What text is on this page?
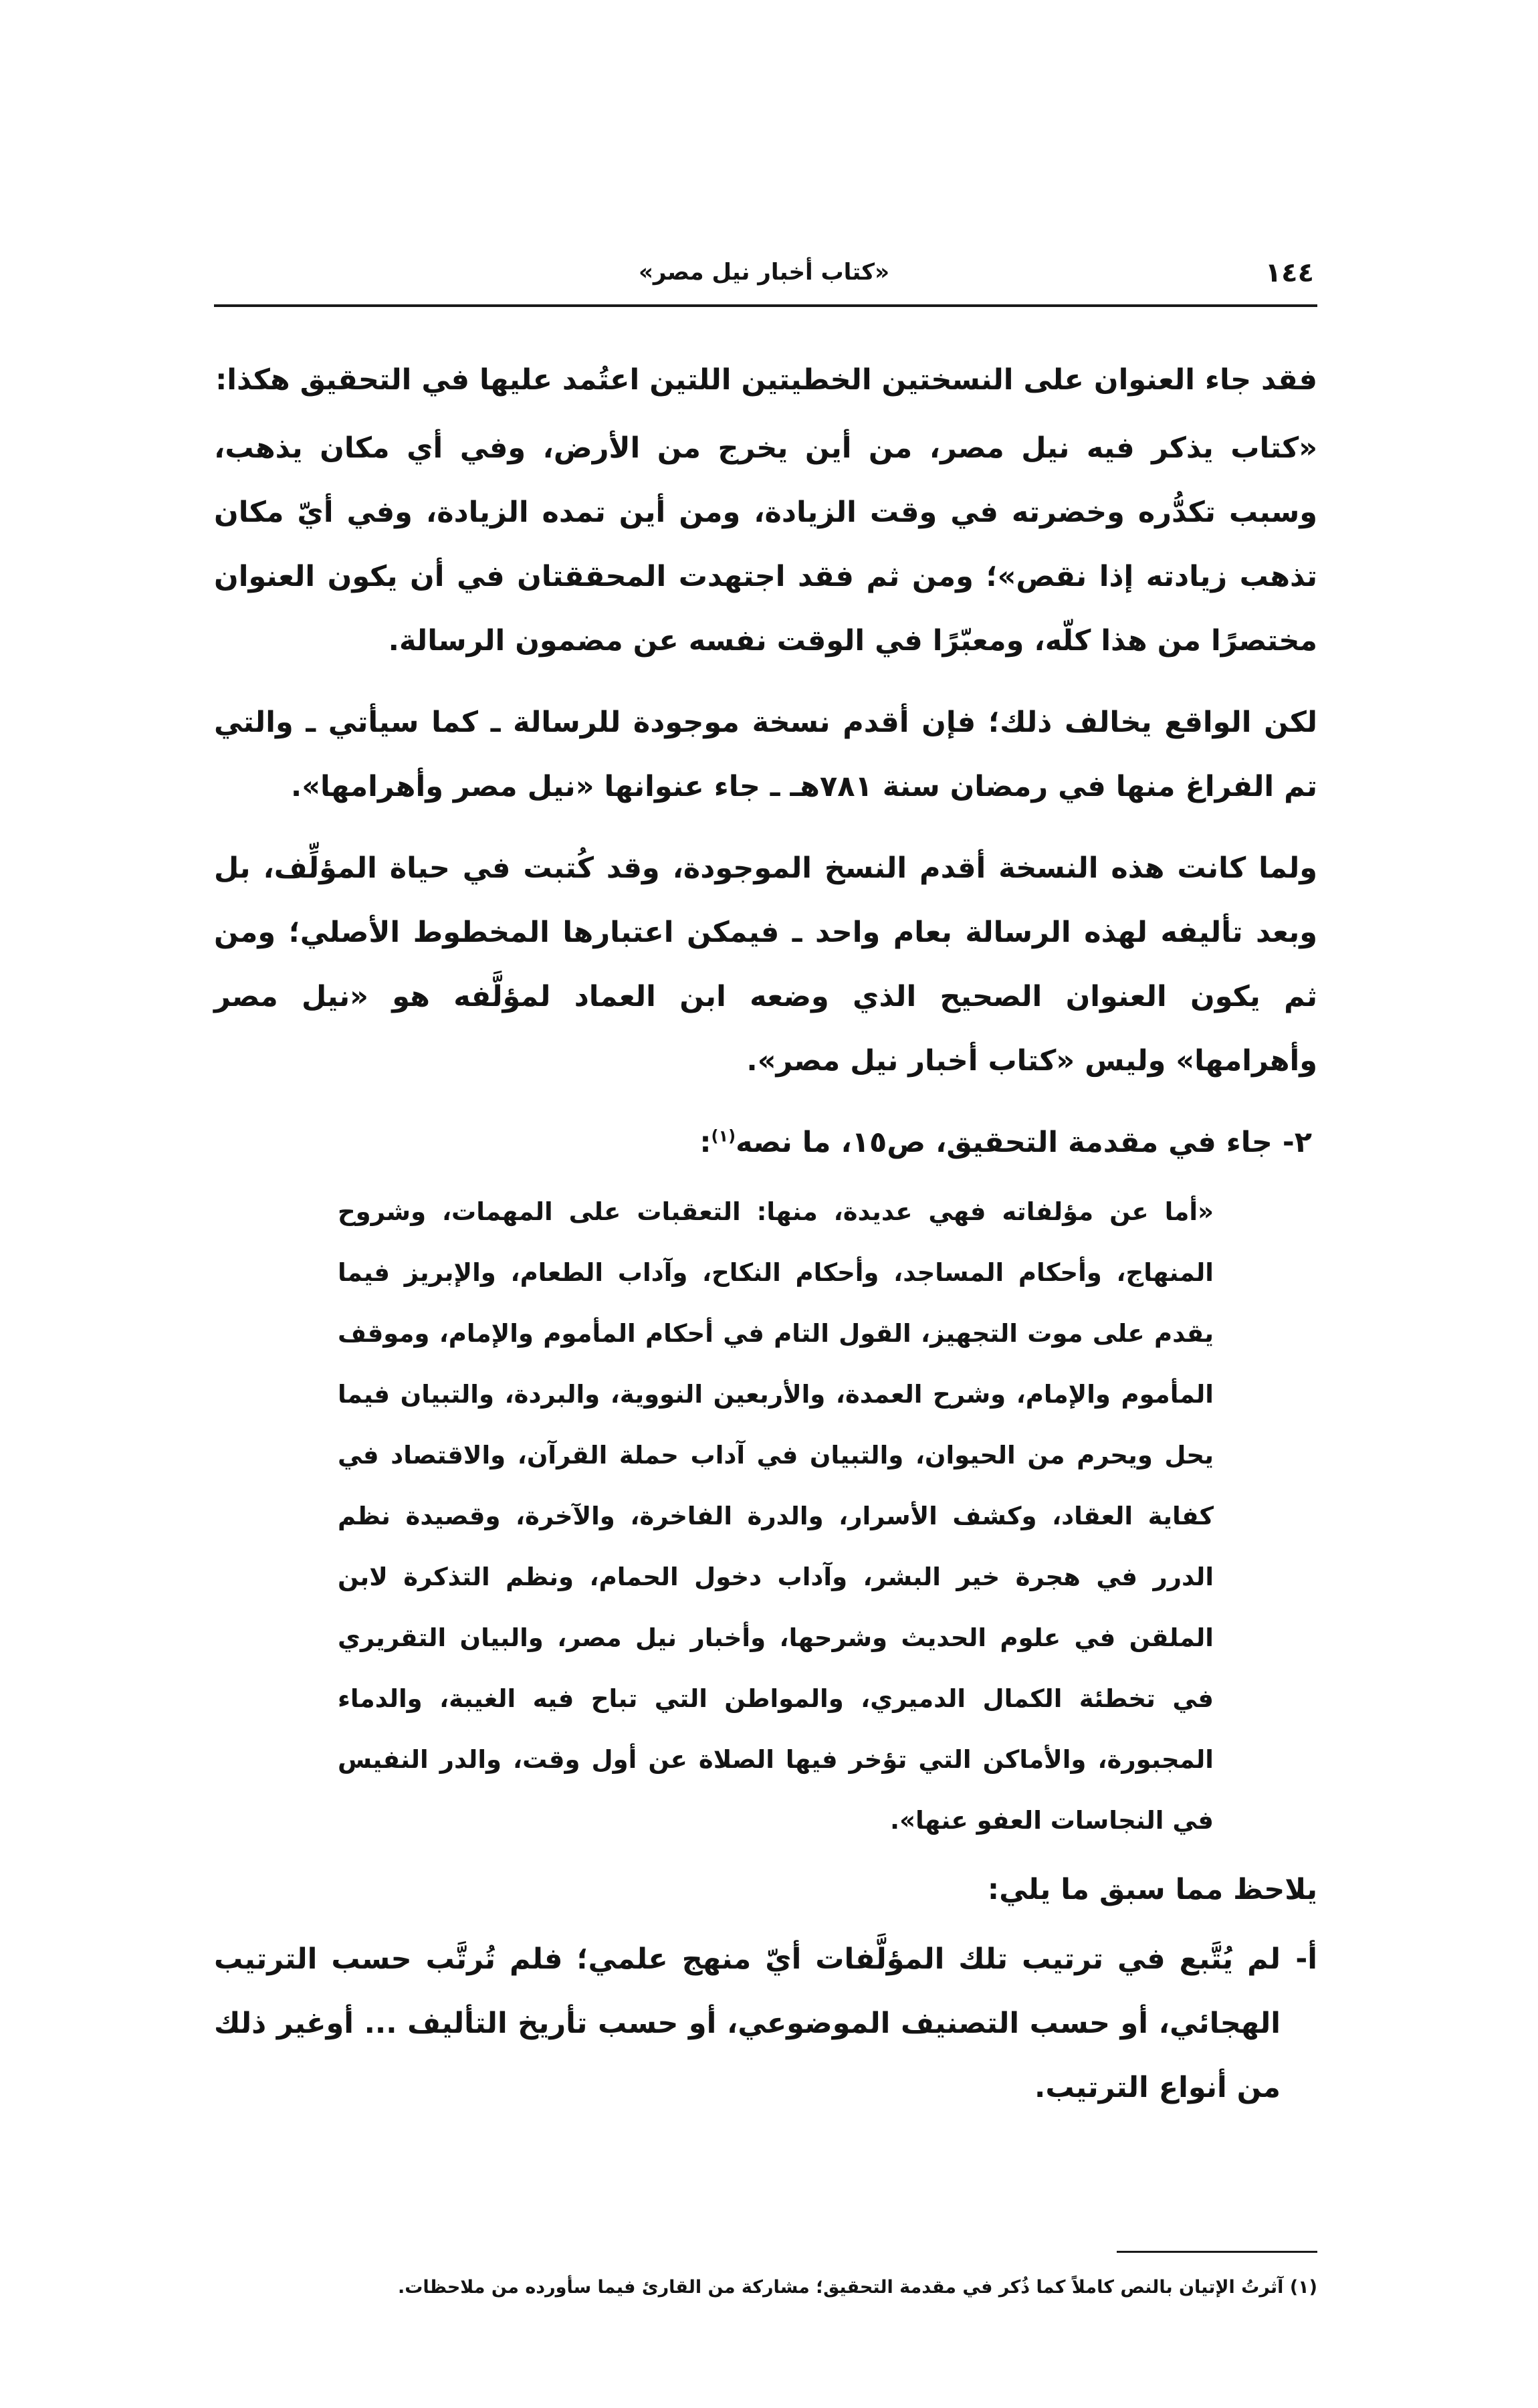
١٤٤
«كتاب أخبار نيل مصر»

فقد جاء العنوان على النسختين الخطيتين اللتين اعتُمد عليها في التحقيق هكذا:

«كتاب يذكر فيه نيل مصر، من أين يخرج من الأرض، وفي أي مكان يذهب، وسبب تكدُّره وخضرته في وقت الزيادة، ومن أين تمده الزيادة، وفي أيّ مكان تذهب زيادته إذا نقص»؛ ومن ثم فقد اجتهدت المحققتان في أن يكون العنوان مختصرًا من هذا كلّه، ومعبّرًا في الوقت نفسه عن مضمون الرسالة.

لكن الواقع يخالف ذلك؛ فإن أقدم نسخة موجودة للرسالة ـ كما سيأتي ـ والتي تم الفراغ منها في رمضان سنة ٧٨١هـ ـ جاء عنوانها «نيل مصر وأهرامها».

ولما كانت هذه النسخة أقدم النسخ الموجودة، وقد كُتبت في حياة المؤلِّف، بل وبعد تأليفه لهذه الرسالة بعام واحد ـ فيمكن اعتبارها المخطوط الأصلي؛ ومن ثم يكون العنوان الصحيح الذي وضعه ابن العماد لمؤلَّفه هو «نيل مصر وأهرامها» وليس «كتاب أخبار نيل مصر».

٢- جاء في مقدمة التحقيق، ص١٥، ما نصه$^{(١)}$:

«أما عن مؤلفاته فهي عديدة، منها: التعقبات على المهمات، وشروح المنهاج، وأحكام المساجد، وأحكام النكاح، وآداب الطعام، والإبريز فيما يقدم على موت التجهيز، القول التام في أحكام المأموم والإمام، وموقف المأموم والإمام، وشرح العمدة، والأربعين النووية، والبردة، والتبيان فيما يحل ويحرم من الحيوان، والتبيان في آداب حملة القرآن، والاقتصاد في كفاية العقاد، وكشف الأسرار، والدرة الفاخرة، والآخرة، وقصيدة نظم الدرر في هجرة خير البشر، وآداب دخول الحمام، ونظم التذكرة لابن الملقن في علوم الحديث وشرحها، وأخبار نيل مصر، والبيان التقريري في تخطئة الكمال الدميري، والمواطن التي تباح فيه الغيبة، والدماء المجبورة، والأماكن التي تؤخر فيها الصلاة عن أول وقت، والدر النفيس في النجاسات العفو عنها».

يلاحظ مما سبق ما يلي:

أ-
لم يُتَّبع في ترتيب تلك المؤلَّفات أيّ منهج علمي؛ فلم تُرتَّب حسب الترتيب الهجائي، أو حسب التصنيف الموضوعي، أو حسب تأريخ التأليف ... أوغير ذلك من أنواع الترتيب.
(١) آثرتُ الإتيان بالنص كاملاً كما ذُكر في مقدمة التحقيق؛ مشاركة من القارئ فيما سأورده من ملاحظات.
